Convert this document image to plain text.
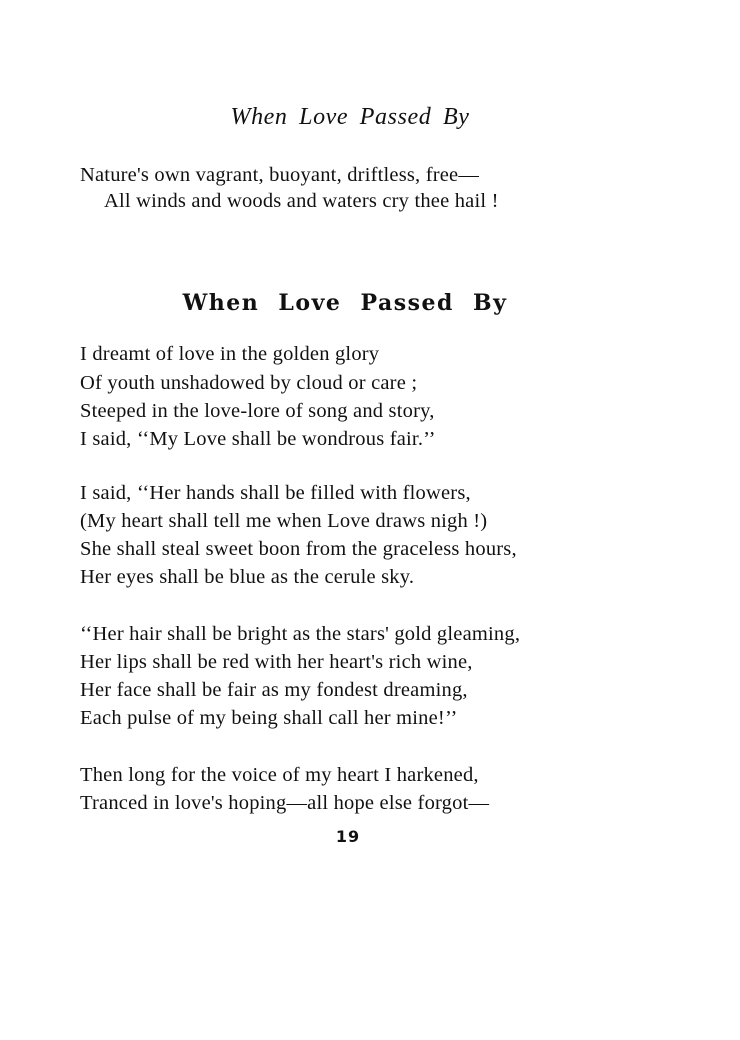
When Love Passed By
Nature's own vagrant, buoyant, driftless, free—
All winds and woods and waters cry thee hail !
When Love Passed By
I dreamt of love in the golden glory
Of youth unshadowed by cloud or care ;
Steeped in the love-lore of song and story,
I said, ‘‘My Love shall be wondrous fair.’’
I said, ‘‘Her hands shall be filled with flowers,
(My heart shall tell me when Love draws nigh !)
She shall steal sweet boon from the graceless hours,
Her eyes shall be blue as the cerule sky.
‘‘Her hair shall be bright as the stars' gold gleaming,
Her lips shall be red with her heart's rich wine,
Her face shall be fair as my fondest dreaming,
Each pulse of my being shall call her mine!’’
Then long for the voice of my heart I harkened,
Tranced in love's hoping—all hope else forgot—
19
